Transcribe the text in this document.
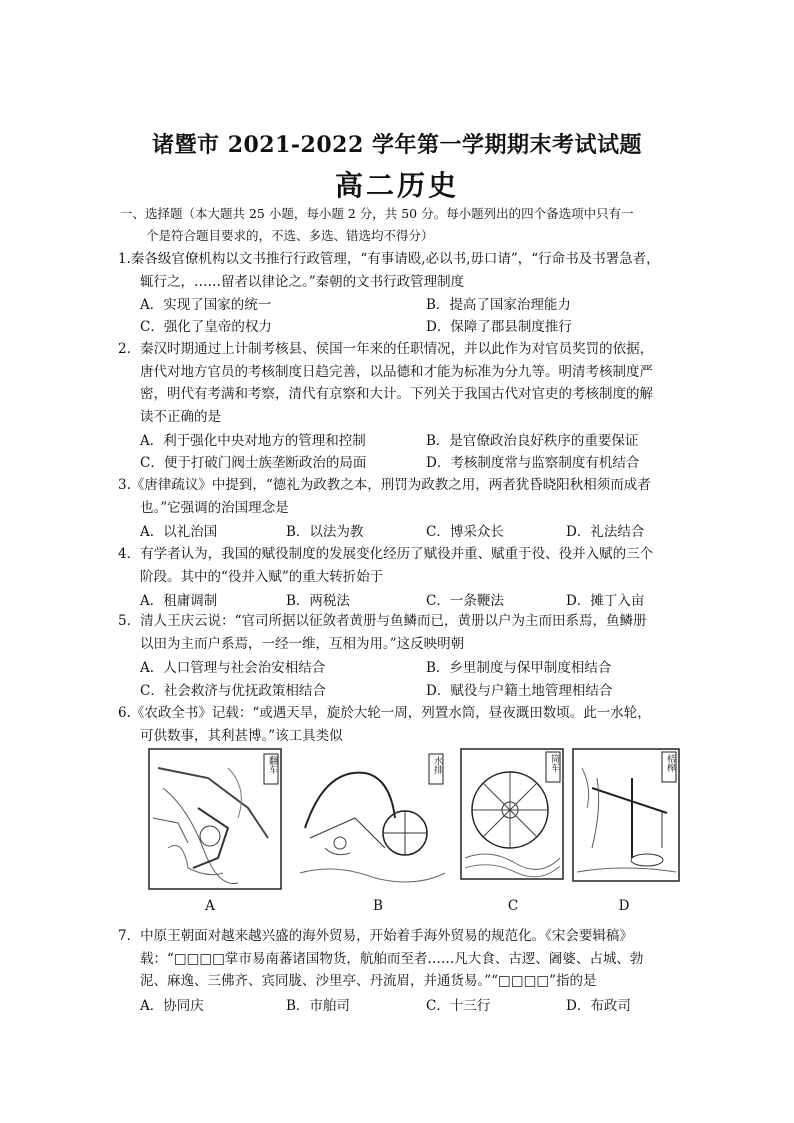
诸暨市 2021-2022 学年第一学期期末考试试题
高二历史
一、选择题（本大题共 25 小题，每小题 2 分，共 50 分。每小题列出的四个备选项中只有一
个是符合题目要求的，不选、多选、错选均不得分）
1.秦各级官僚机构以文书推行行政管理，“有事请殴,必以书,毋口请”，“行命书及书署急者，
辄行之，……留者以律论之。”秦朝的文书行政管理制度
A．实现了国家的统一	B．提高了国家治理能力
C．强化了皇帝的权力	D．保障了郡县制度推行
2．秦汉时期通过上计制考核县、侯国一年来的任职情况，并以此作为对官员奖罚的依据，
唐代对地方官员的考核制度日趋完善，以品德和才能为标准为分九等。明清考核制度严
密，明代有考满和考察，清代有京察和大计。下列关于我国古代对官吏的考核制度的解
读不正确的是
A．利于强化中央对地方的管理和控制	B．是官僚政治良好秩序的重要保证
C．便于打破门阀士族垄断政治的局面	D．考核制度常与监察制度有机结合
3.《唐律疏议》中提到，“德礼为政教之本，刑罚为政教之用，两者犹昏晓阳秋相须而成者
也。”它强调的治国理念是
A．以礼治国	B．以法为教	C．博采众长	D．礼法结合
4．有学者认为，我国的赋役制度的发展变化经历了赋役并重、赋重于役、役并入赋的三个
阶段。其中的“役并入赋”的重大转折始于
A．租庸调制	B．两税法	C．一条鞭法	D．摊丁入亩
5．清人王庆云说：“官司所据以征敛者黄册与鱼鳞而已，黄册以户为主而田系焉，鱼鳞册
以田为主而户系焉，一经一维，互相为用。”这反映明朝
A．人口管理与社会治安相结合	B．乡里制度与保甲制度相结合
C．社会救济与优抚政策相结合	D．赋役与户籍土地管理相结合
6.《农政全书》记载：“或遇天旱，旋於大轮一周，列置水筒，昼夜溉田数顷。此一水轮，
可供数事，其利甚博。”该工具类似
翻车	水排	筒车	桔槔
A	B	C	D
7．中原王朝面对越来越兴盛的海外贸易，开始着手海外贸易的规范化。《宋会要辑稿》
载：“□□□□掌市易南蕃诸国物货，航舶而至者……凡大食、古逻、阇婆、占城、勃
泥、麻逸、三佛齐、宾同胧、沙里亭、丹流眉，并通货易。”“□□□□”指的是
A．协同庆	B．市舶司	C．十三行	D．布政司
